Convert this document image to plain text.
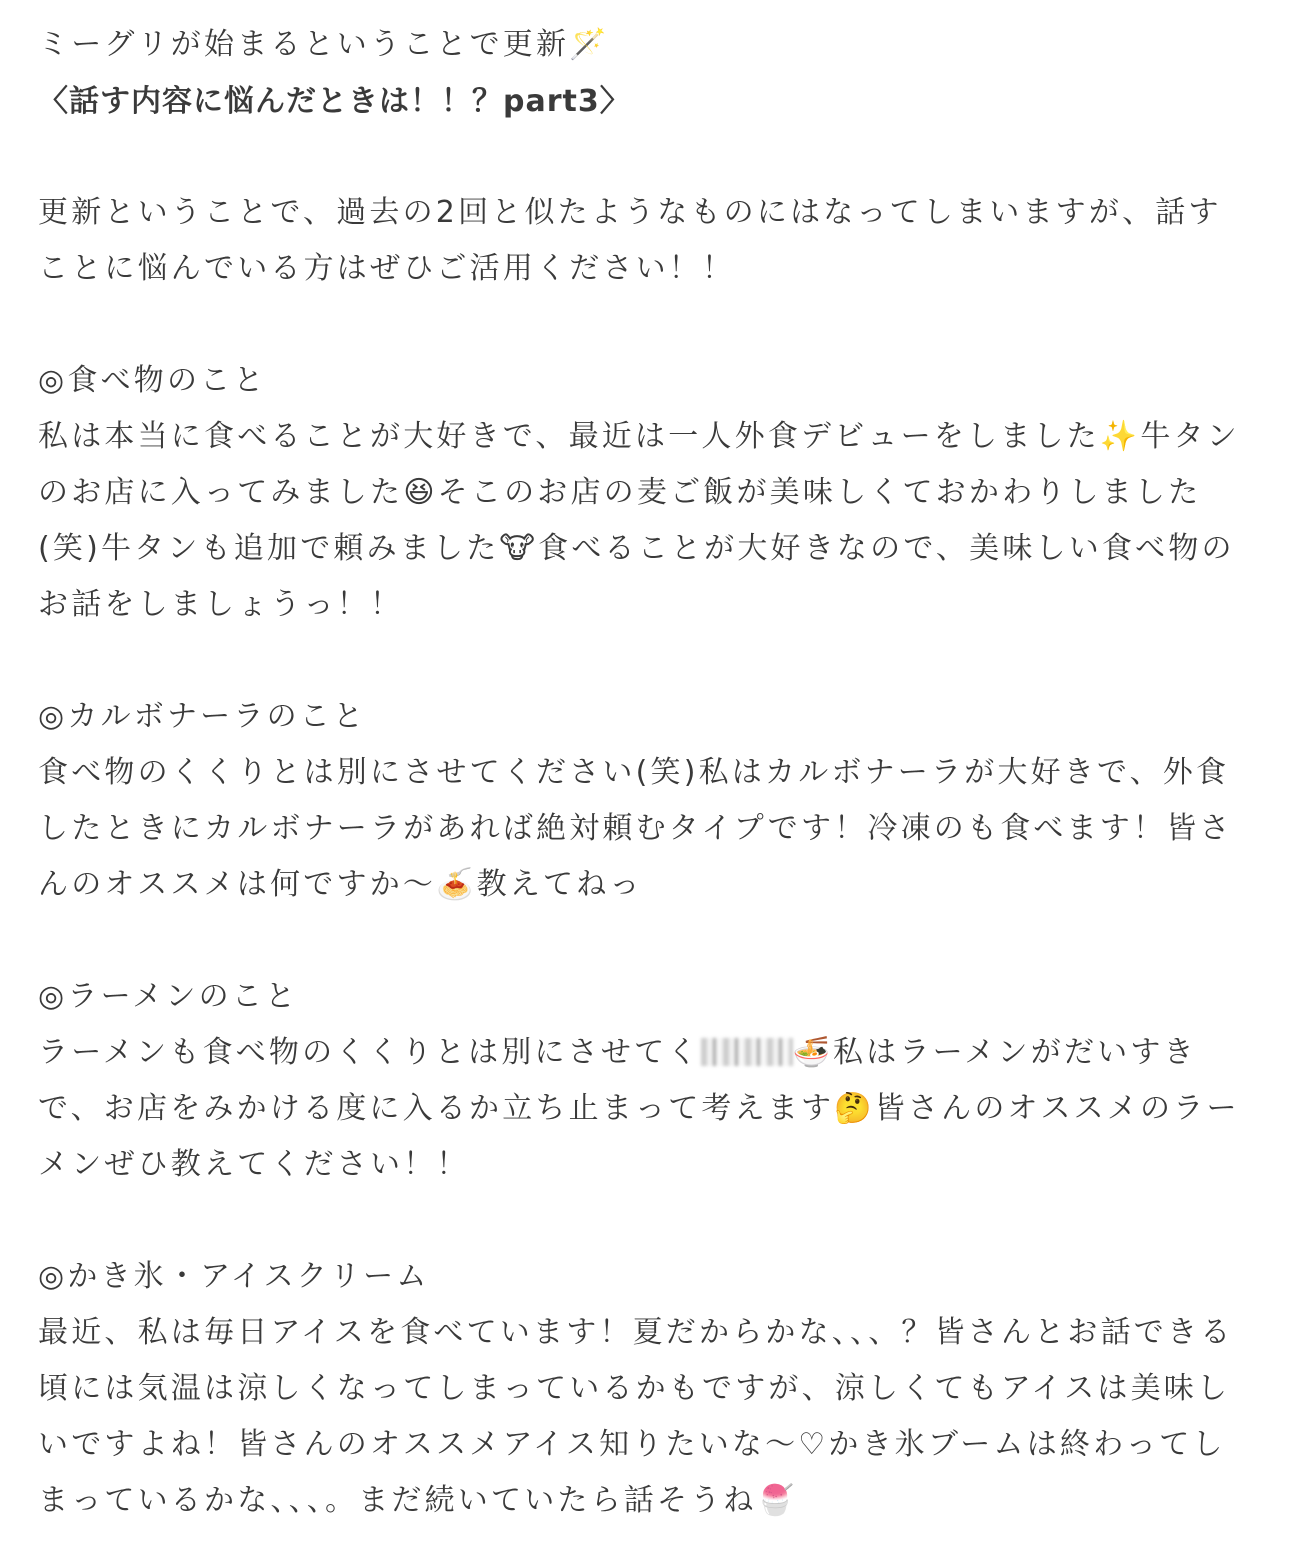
ミーグリが始まるということで更新🪄
〈話す内容に悩んだときは！！？part3〉
更新ということで、過去の2回と似たようなものにはなってしまいますが、話す
ことに悩んでいる方はぜひご活用ください！！
◎食べ物のこと
私は本当に食べることが大好きで、最近は一人外食デビューをしました✨牛タン
のお店に入ってみました😆そこのお店の麦ご飯が美味しくておかわりしました
(笑)牛タンも追加で頼みました🐮食べることが大好きなので、美味しい食べ物の
お話をしましょうっ！！
◎カルボナーラのこと
食べ物のくくりとは別にさせてください(笑)私はカルボナーラが大好きで、外食
したときにカルボナーラがあれば絶対頼むタイプです！冷凍のも食べます！皆さ
んのオススメは何ですか〜🍝教えてねっ
◎ラーメンのこと
ラーメンも食べ物のくくりとは別にさせてく	🍜私はラーメンがだいすき
で、お店をみかける度に入るか立ち止まって考えます🤔皆さんのオススメのラー
メンぜひ教えてください！！
◎かき氷・アイスクリーム
最近、私は毎日アイスを食べています！夏だからかな、、、？皆さんとお話できる
頃には気温は涼しくなってしまっているかもですが、涼しくてもアイスは美味し
いですよね！皆さんのオススメアイス知りたいな〜♡かき氷ブームは終わってし
まっているかな、、、。まだ続いていたら話そうね🍧
